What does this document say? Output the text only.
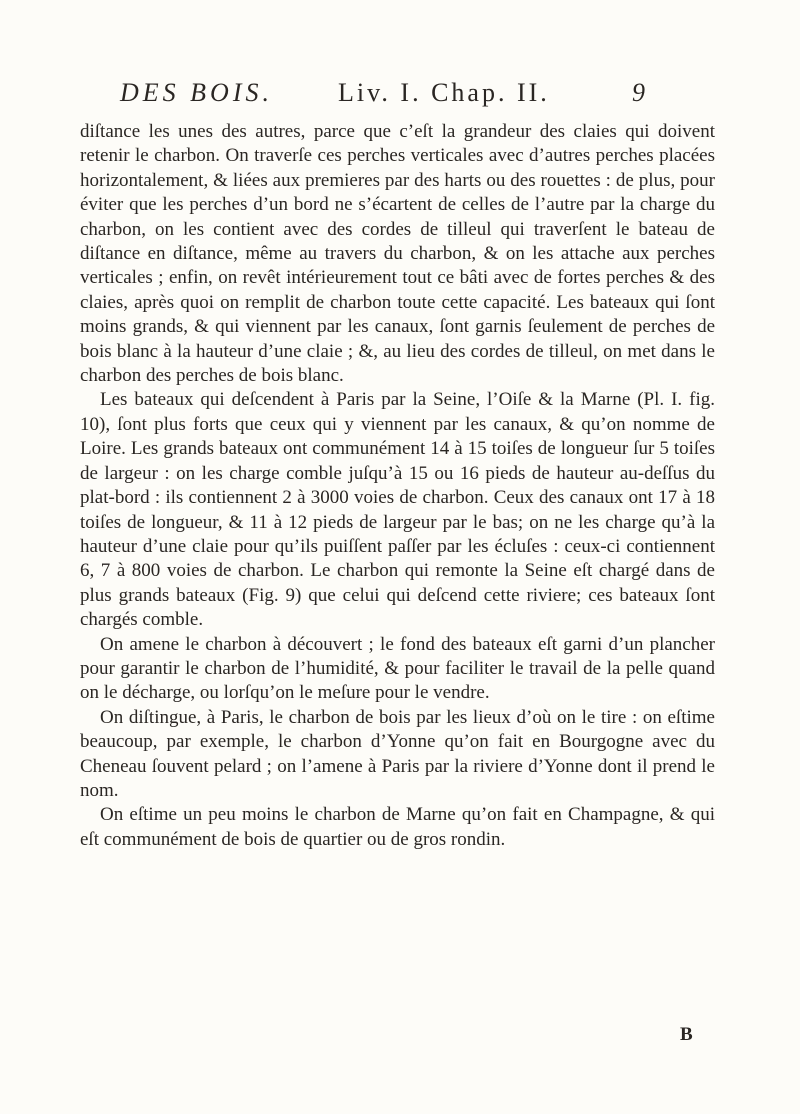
DES BOIS.	Liv. I. Chap. II.	9

diſtance les unes des autres, parce que c’eſt la grandeur des claies qui doivent retenir le charbon. On traverſe ces perches verticales avec d’autres perches placées horizontalement, & liées aux premieres par des harts ou des rouettes : de plus, pour éviter que les perches d’un bord ne s’écartent de celles de l’autre par la charge du charbon, on les contient avec des cordes de tilleul qui traverſent le bateau de diſtance en diſtance, même au travers du charbon, & on les attache aux perches verticales ; enfin, on revêt intérieurement tout ce bâti avec de fortes perches & des claies, après quoi on remplit de charbon toute cette capacité. Les bateaux qui ſont moins grands, & qui viennent par les canaux, ſont garnis ſeulement de perches de bois blanc à la hauteur d’une claie ; &, au lieu des cordes de tilleul, on met dans le charbon des perches de bois blanc.

Les bateaux qui deſcendent à Paris par la Seine, l’Oiſe & la Marne (Pl. I. fig. 10), ſont plus forts que ceux qui y viennent par les canaux, & qu’on nomme de Loire. Les grands bateaux ont communément 14 à 15 toiſes de longueur ſur 5 toiſes de largeur : on les charge comble juſqu’à 15 ou 16 pieds de hauteur au-deſſus du plat-bord : ils contiennent 2 à 3000 voies de charbon. Ceux des canaux ont 17 à 18 toiſes de longueur, & 11 à 12 pieds de largeur par le bas; on ne les charge qu’à la hauteur d’une claie pour qu’ils puiſſent paſſer par les écluſes : ceux-ci contiennent 6, 7 à 800 voies de charbon. Le charbon qui remonte la Seine eſt chargé dans de plus grands bateaux (Fig. 9) que celui qui deſcend cette riviere; ces bateaux ſont chargés comble.

On amene le charbon à découvert ; le fond des bateaux eſt garni d’un plancher pour garantir le charbon de l’humidité, & pour faciliter le travail de la pelle quand on le décharge, ou lorſqu’on le meſure pour le vendre.

On diſtingue, à Paris, le charbon de bois par les lieux d’où on le tire : on eſtime beaucoup, par exemple, le charbon d’Yonne qu’on fait en Bourgogne avec du Cheneau ſouvent pelard ; on l’amene à Paris par la riviere d’Yonne dont il prend le nom.

On eſtime un peu moins le charbon de Marne qu’on fait en Champagne, & qui eſt communément de bois de quartier ou de gros rondin.

B
